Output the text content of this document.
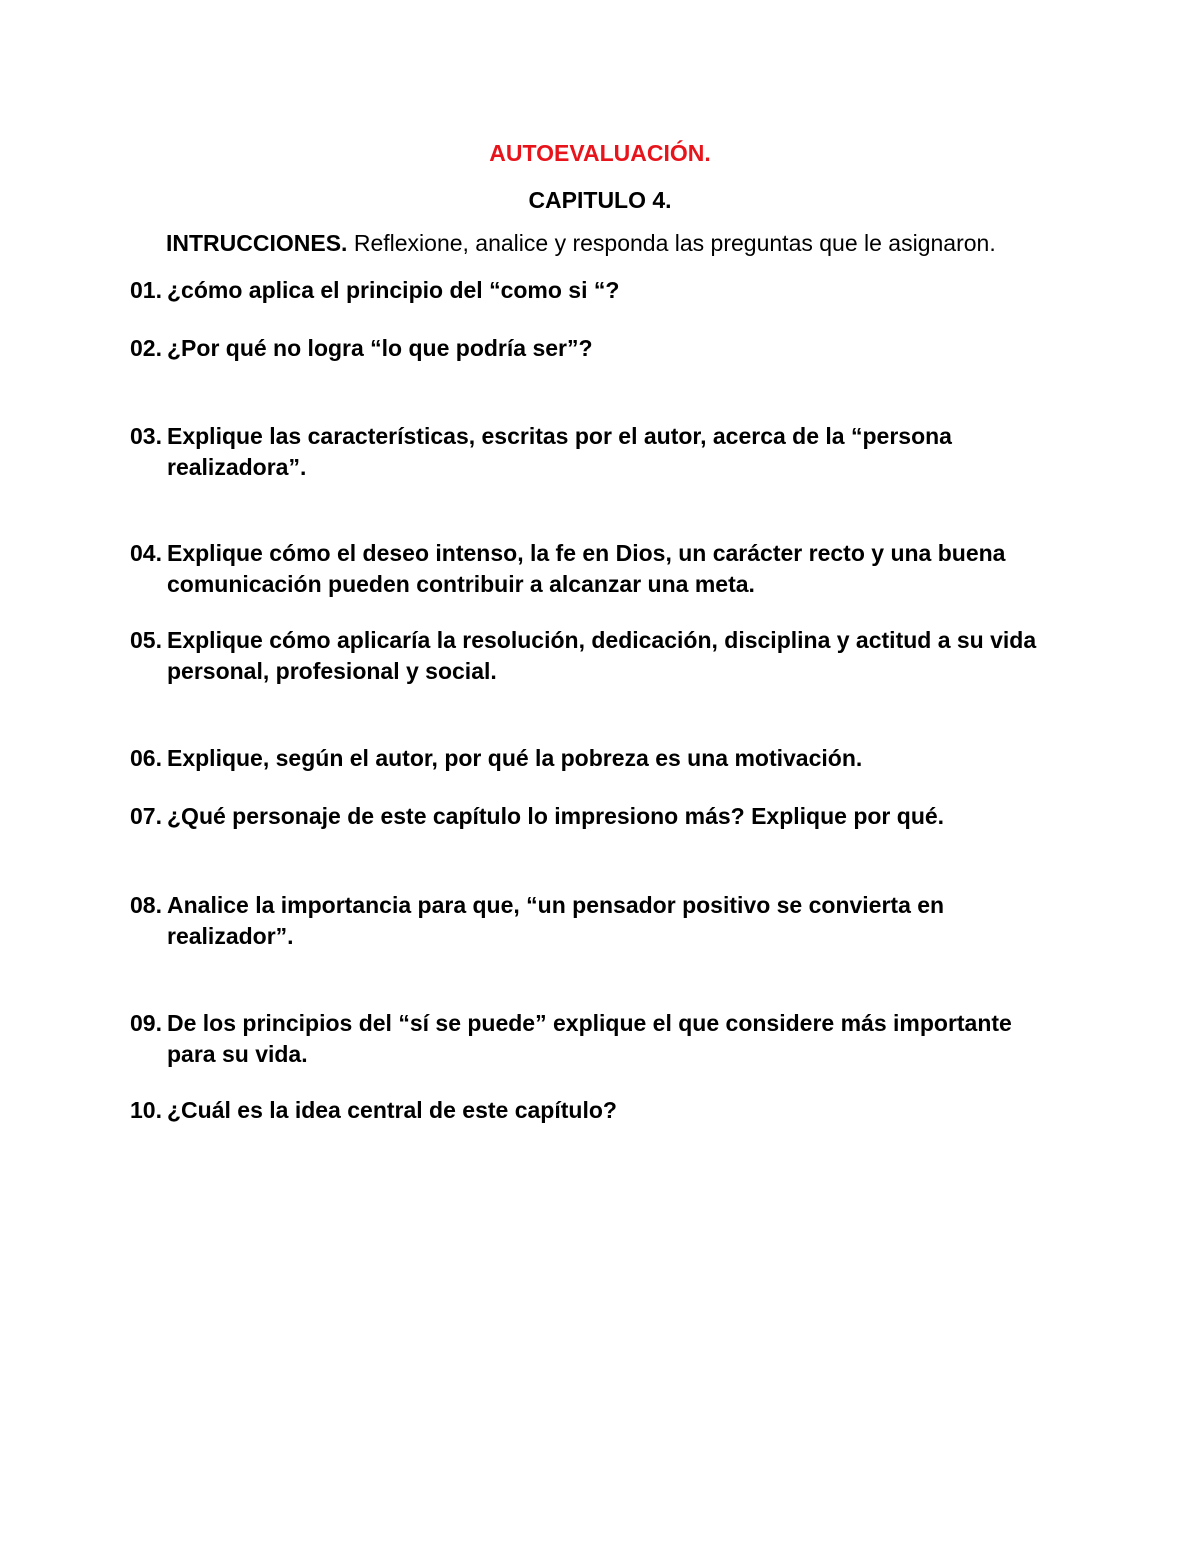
AUTOEVALUACIÓN.
CAPITULO 4.
INTRUCCIONES. Reflexione, analice y responda las preguntas que le asignaron.
01. ¿cómo aplica el principio del “como si “?
02. ¿Por qué no logra “lo que podría ser”?
03. Explique las características, escritas por el autor, acerca de la “persona realizadora”.
04. Explique cómo el deseo intenso, la fe en Dios, un carácter recto y una buena comunicación pueden contribuir a alcanzar una meta.
05. Explique cómo aplicaría la resolución, dedicación, disciplina y actitud a su vida personal, profesional y social.
06. Explique, según el autor, por qué la pobreza es una motivación.
07. ¿Qué personaje de este capítulo lo impresiono más? Explique por qué.
08. Analice la importancia para que, “un pensador positivo se convierta en realizador”.
09. De los principios del “sí se puede” explique el que considere más importante para su vida.
10. ¿Cuál es la idea central de este capítulo?
